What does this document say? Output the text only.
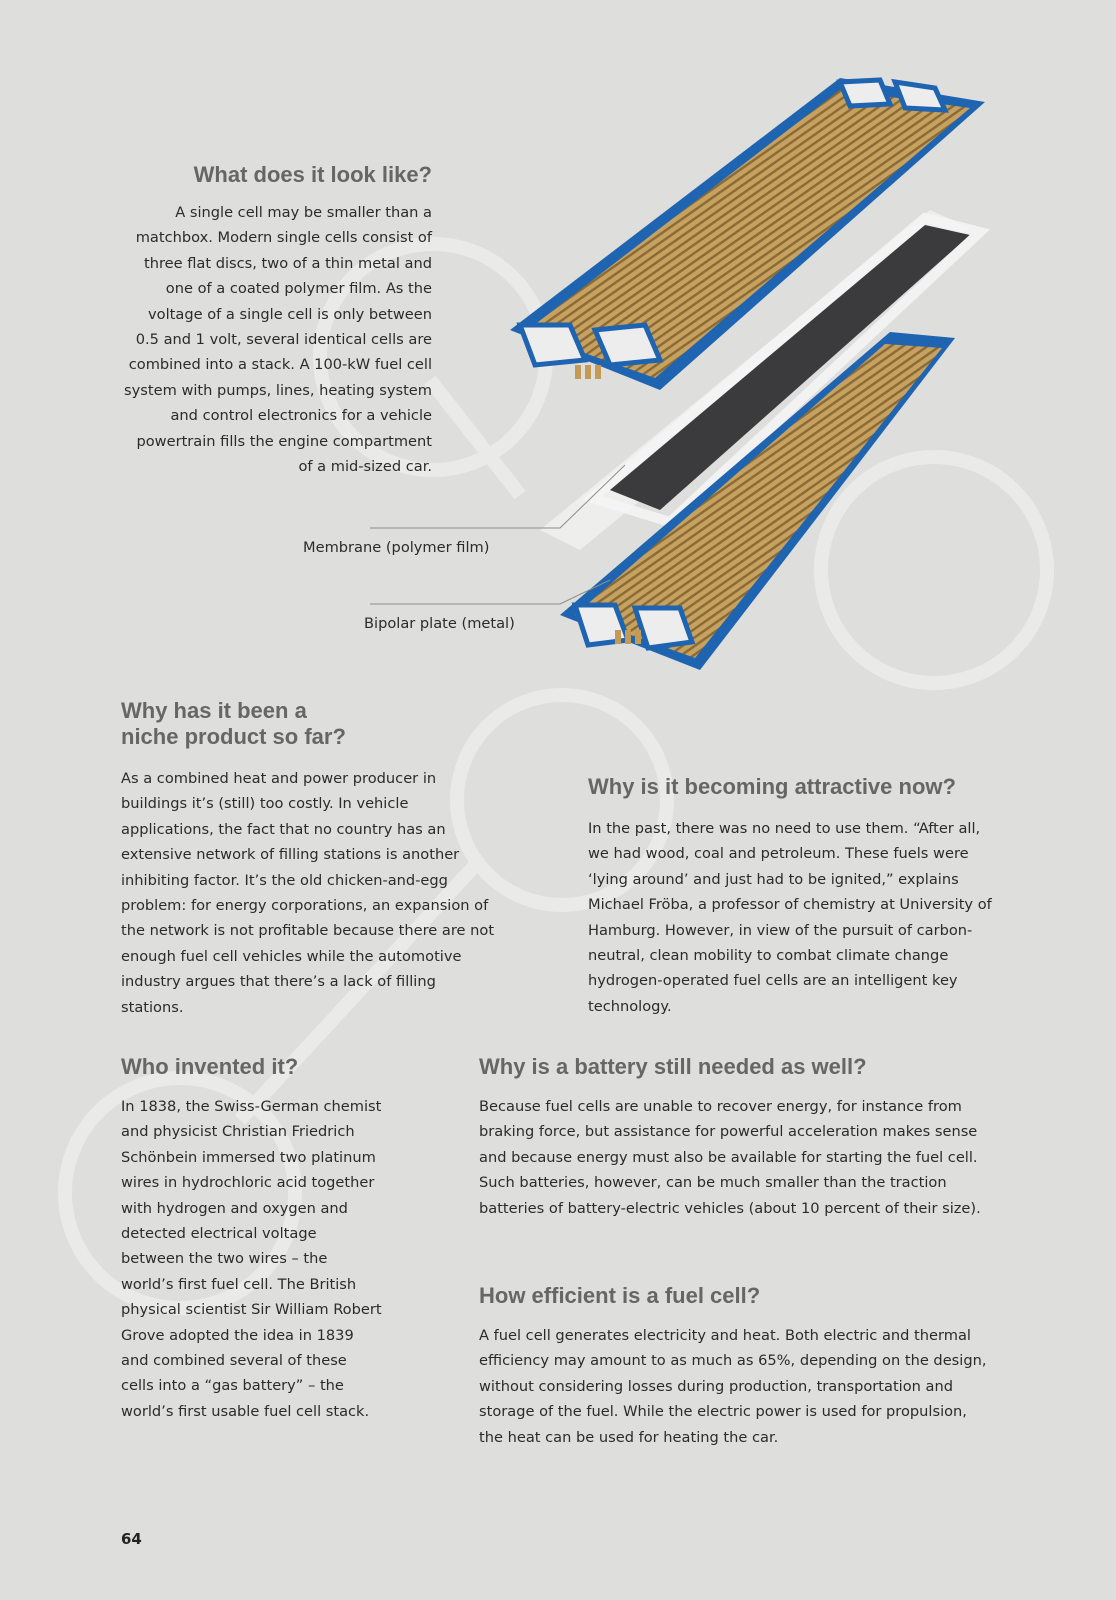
What does it look like?

A single cell may be smaller than a matchbox. Modern single cells consist of three flat discs, two of a thin metal and one of a coated polymer film. As the voltage of a single cell is only between 0.5 and 1 volt, several identical cells are combined into a stack. A 100-kW fuel cell system with pumps, lines, heating system and control electronics for a vehicle powertrain fills the engine compartment of a mid-sized car.

Membrane (polymer film)
Bipolar plate (metal)
Why has it been a
niche product so far?

As a combined heat and power producer in buildings it’s (still) too costly. In vehicle applications, the fact that no country has an extensive network of filling stations is another inhibiting factor. It’s the old chicken-and-egg problem: for energy corporations, an expansion of the network is not profitable because there are not enough fuel cell vehicles while the automotive industry argues that there’s a lack of filling stations.

Why is it becoming attractive now?

In the past, there was no need to use them. “After all, we had wood, coal and petroleum. These fuels were ‘lying around’ and just had to be ignited,” explains Michael Fröba, a professor of chemistry at University of Hamburg. However, in view of the pursuit of carbon-neutral, clean mobility to combat climate change hydrogen-operated fuel cells are an intelligent key technology.

Who invented it?

In 1838, the Swiss-German chemist and physicist Christian Friedrich Schönbein immersed two platinum wires in hydrochloric acid together with hydrogen and oxygen and detected electrical voltage between the two wires – the world’s first fuel cell. The British physical scientist Sir William Robert Grove adopted the idea in 1839 and combined several of these cells into a “gas battery” – the world’s first usable fuel cell stack.

Why is a battery still needed as well?

Because fuel cells are unable to recover energy, for instance from braking force, but assistance for powerful acceleration makes sense and because energy must also be available for starting the fuel cell. Such batteries, however, can be much smaller than the traction batteries of battery-electric vehicles (about 10 percent of their size).

How efficient is a fuel cell?

A fuel cell generates electricity and heat. Both electric and thermal efficiency may amount to as much as 65%, depending on the design, without considering losses during production, transportation and storage of the fuel. While the electric power is used for propulsion, the heat can be used for heating the car.

64
